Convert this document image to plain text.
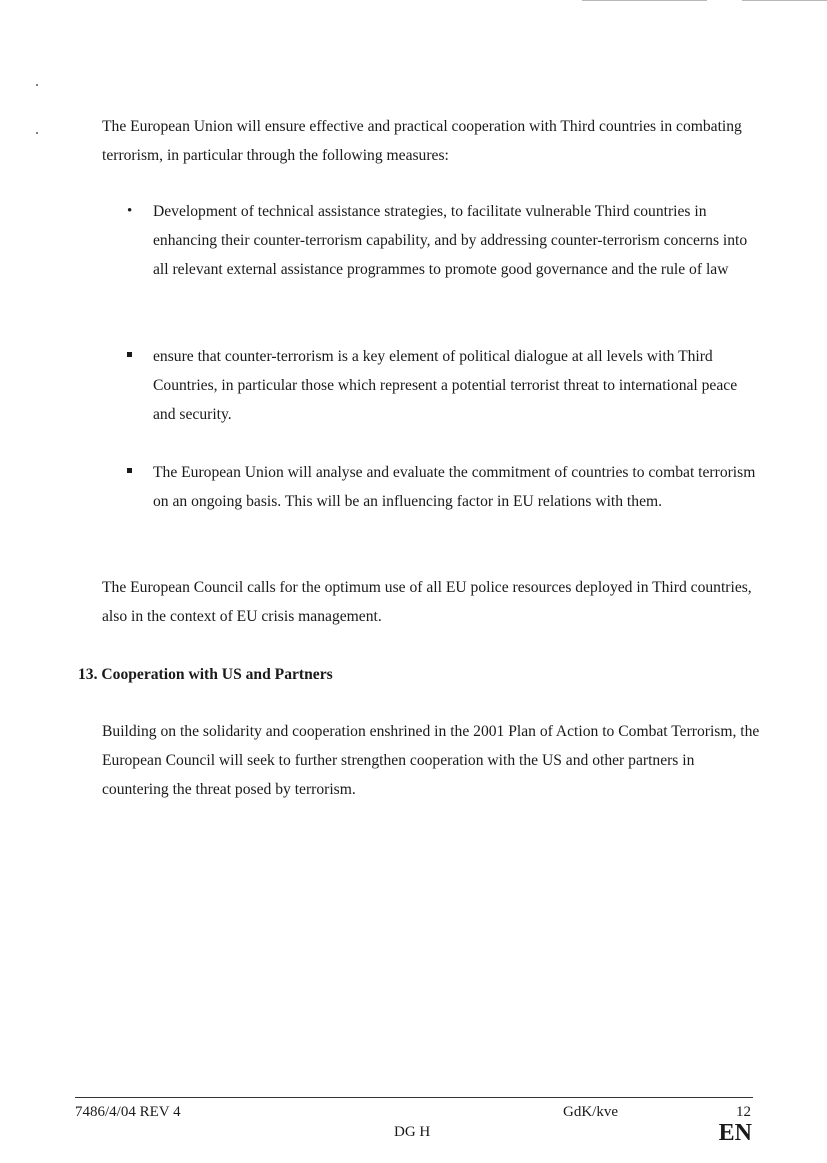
The European Union will ensure effective and practical cooperation with Third countries in combating terrorism, in particular through the following measures:

• Development of technical assistance strategies, to facilitate vulnerable Third countries in enhancing their counter-terrorism capability, and by addressing counter-terrorism concerns into all relevant external assistance programmes to promote good governance and the rule of law

ensure that counter-terrorism is a key element of political dialogue at all levels with Third Countries, in particular those which represent a potential terrorist threat to international peace and security.

The European Union will analyse and evaluate the commitment of countries to combat terrorism on an ongoing basis. This will be an influencing factor in EU relations with them.

The European Council calls for the optimum use of all EU police resources deployed in Third countries, also in the context of EU crisis management.

13. Cooperation with US and Partners

Building on the solidarity and cooperation enshrined in the 2001 Plan of Action to Combat Terrorism, the European Council will seek to further strengthen cooperation with the US and other partners in countering the threat posed by terrorism.

7486/4/04 REV 4	GdK/kve	12
DG H	EN
